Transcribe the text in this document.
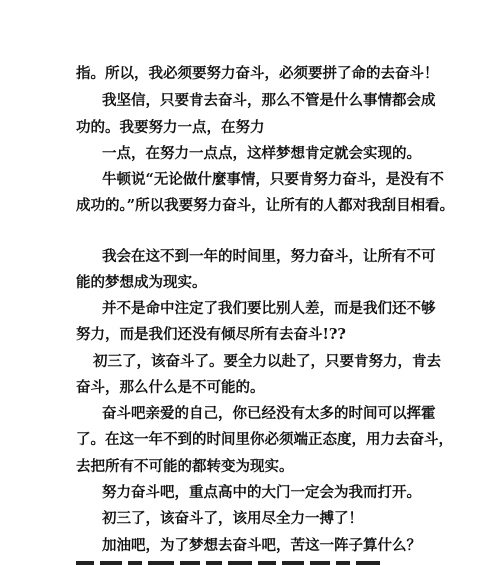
指。所以，我必须要努力奋斗，必须要拼了命的去奋斗！
我坚信，只要肯去奋斗，那么不管是什么事情都会成
功的。我要努力一点，在努力
一点，在努力一点点，这样梦想肯定就会实现的。
牛顿说“无论做什麼事情，只要肯努力奋斗，是没有不
成功的。”所以我要努力奋斗，让所有的人都对我刮目相看。
我会在这不到一年的时间里，努力奋斗，让所有不可
能的梦想成为现实。
并不是命中注定了我们要比别人差，而是我们还不够
努力，而是我们还没有倾尽所有去奋斗!??
初三了，该奋斗了。要全力以赴了，只要肯努力，肯去
奋斗，那么什么是不可能的。
奋斗吧亲爱的自己，你已经没有太多的时间可以挥霍
了。在这一年不到的时间里你必须端正态度，用力去奋斗，
去把所有不可能的都转变为现实。
努力奋斗吧，重点高中的大门一定会为我而打开。
初三了，该奋斗了，该用尽全力一搏了！
加油吧，为了梦想去奋斗吧，苦这一阵子算什么？
